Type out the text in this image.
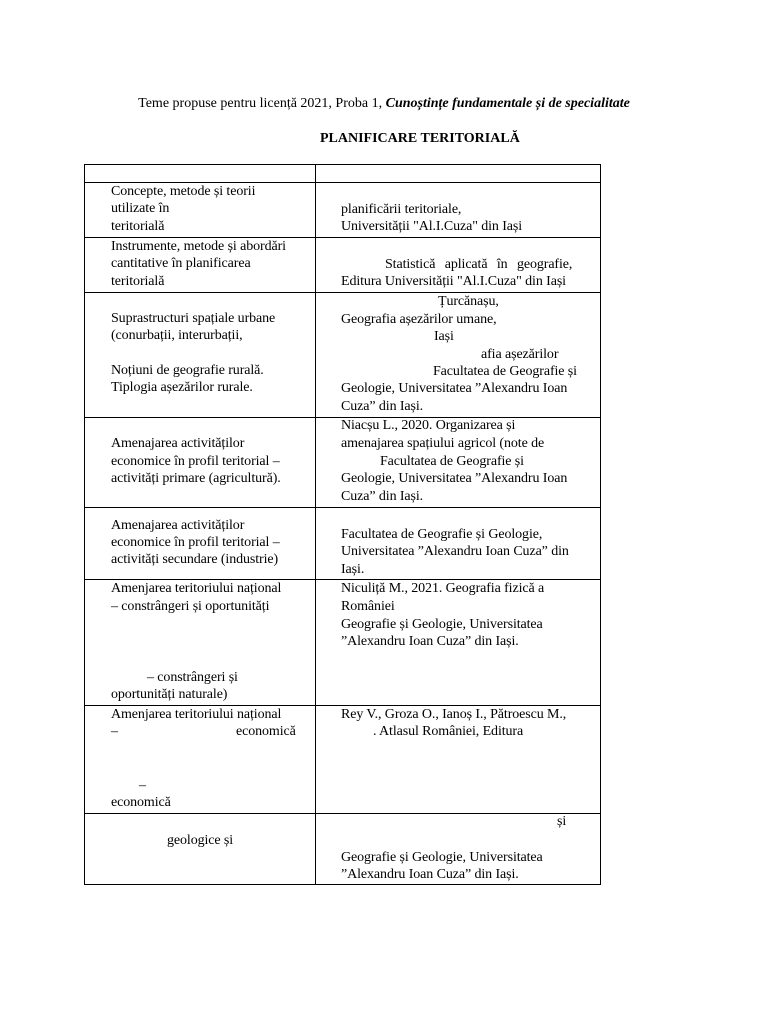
Teme propuse pentru licență 2021, Proba 1, Cunoștințe fundamentale și de specialitate
PLANIFICARE TERITORIALĂ
Concepte, metode și teorii
utilizate în
teritorială
planificării teritoriale,
Universității "Al.I.Cuza" din Iași
Instrumente, metode și abordări
cantitative în planificarea
teritorială
Statistică aplicată în geografie,
Editura Universității "Al.I.Cuza" din Iași
Suprastructuri spațiale urbane
(conurbații, interurbații,
Noțiuni de geografie rurală.
Tiplogia așezărilor rurale.
Țurcănașu,
Geografia așezărilor umane,
Iași
afia așezărilor
Facultatea de Geografie și
Geologie, Universitatea ”Alexandru Ioan
Cuza” din Iași.
Amenajarea activităților
economice în profil teritorial –
activități primare (agricultură).
Niacșu L., 2020. Organizarea și
amenajarea spațiului agricol (note de
Facultatea de Geografie și
Geologie, Universitatea ”Alexandru Ioan
Cuza” din Iași.
Amenajarea activităților
economice în profil teritorial –
activități secundare (industrie)
Facultatea de Geografie și Geologie,
Universitatea ”Alexandru Ioan Cuza” din
Iași.
Amenjarea teritoriului național
– constrângeri și oportunități
– constrângeri și
oportunități naturale)
Niculiță M., 2021. Geografia fizică a
României
Geografie și Geologie, Universitatea
”Alexandru Ioan Cuza” din Iași.
Amenjarea teritoriului național
–	economică
–
economică
Rey V., Groza O., Ianoș I., Pătroescu M.,
. Atlasul României, Editura
geologice și
și
Geografie și Geologie, Universitatea
”Alexandru Ioan Cuza” din Iași.
